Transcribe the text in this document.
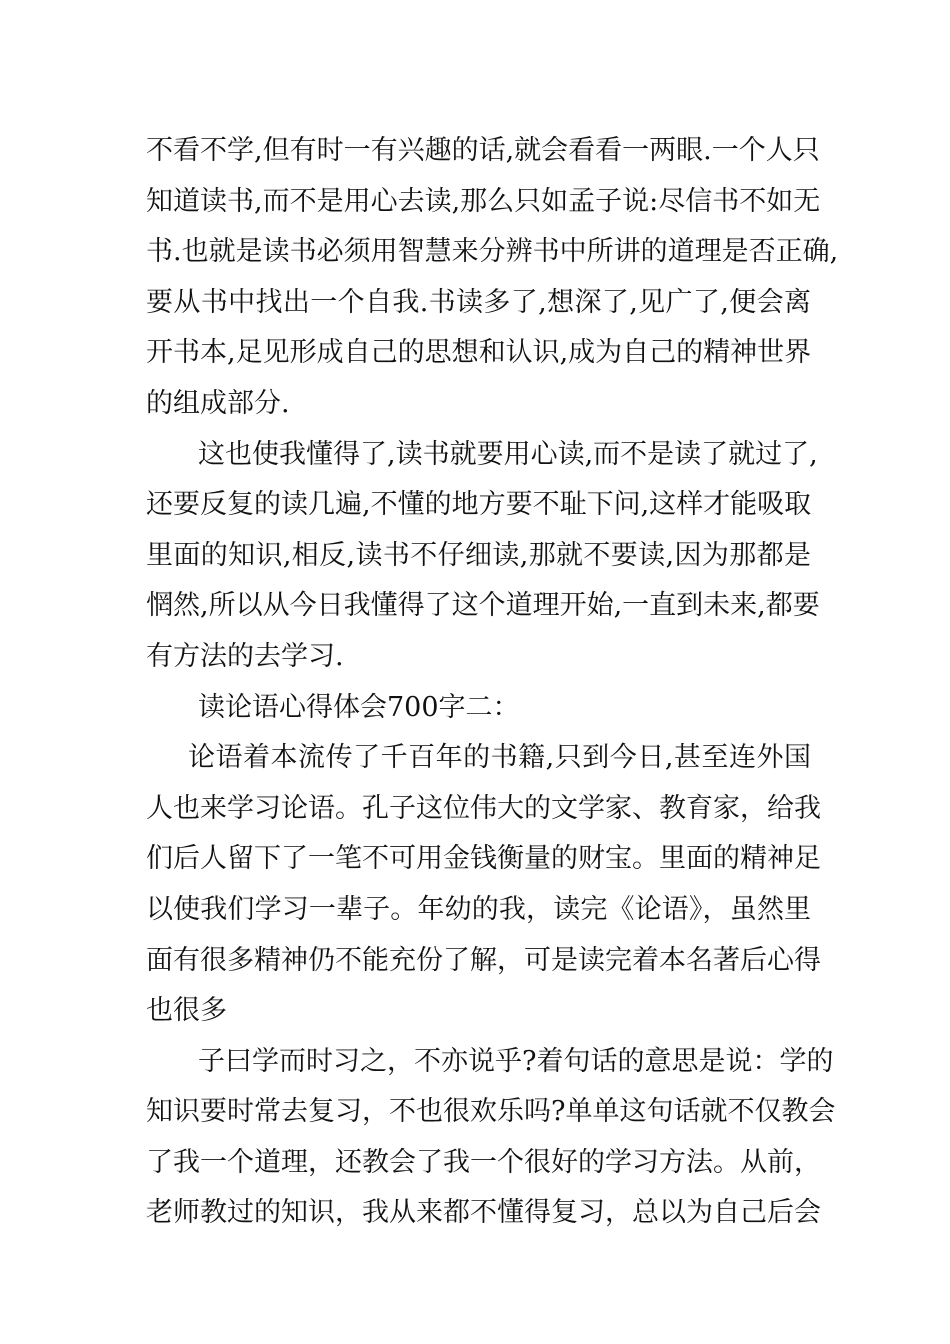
不看不学,但有时一有兴趣的话,就会看看一两眼.一个人只
知道读书,而不是用心去读,那么只如孟子说:尽信书不如无
书.也就是读书必须用智慧来分辨书中所讲的道理是否正确,
要从书中找出一个自我.书读多了,想深了,见广了,便会离
开书本,足见形成自己的思想和认识,成为自己的精神世界
的组成部分.
这也使我懂得了,读书就要用心读,而不是读了就过了,
还要反复的读几遍,不懂的地方要不耻下问,这样才能吸取
里面的知识,相反,读书不仔细读,那就不要读,因为那都是
惘然,所以从今日我懂得了这个道理开始,一直到未来,都要
有方法的去学习.
读论语心得体会700字二：
论语着本流传了千百年的书籍,只到今日,甚至连外国
人也来学习论语。孔子这位伟大的文学家、教育家，给我
们后人留下了一笔不可用金钱衡量的财宝。里面的精神足
以使我们学习一辈子。年幼的我，读完《论语》，虽然里
面有很多精神仍不能充份了解，可是读完着本名著后心得
也很多
子曰学而时习之，不亦说乎?着句话的意思是说：学的
知识要时常去复习，不也很欢乐吗?单单这句话就不仅教会
了我一个道理，还教会了我一个很好的学习方法。从前，
老师教过的知识，我从来都不懂得复习，总以为自己后会
